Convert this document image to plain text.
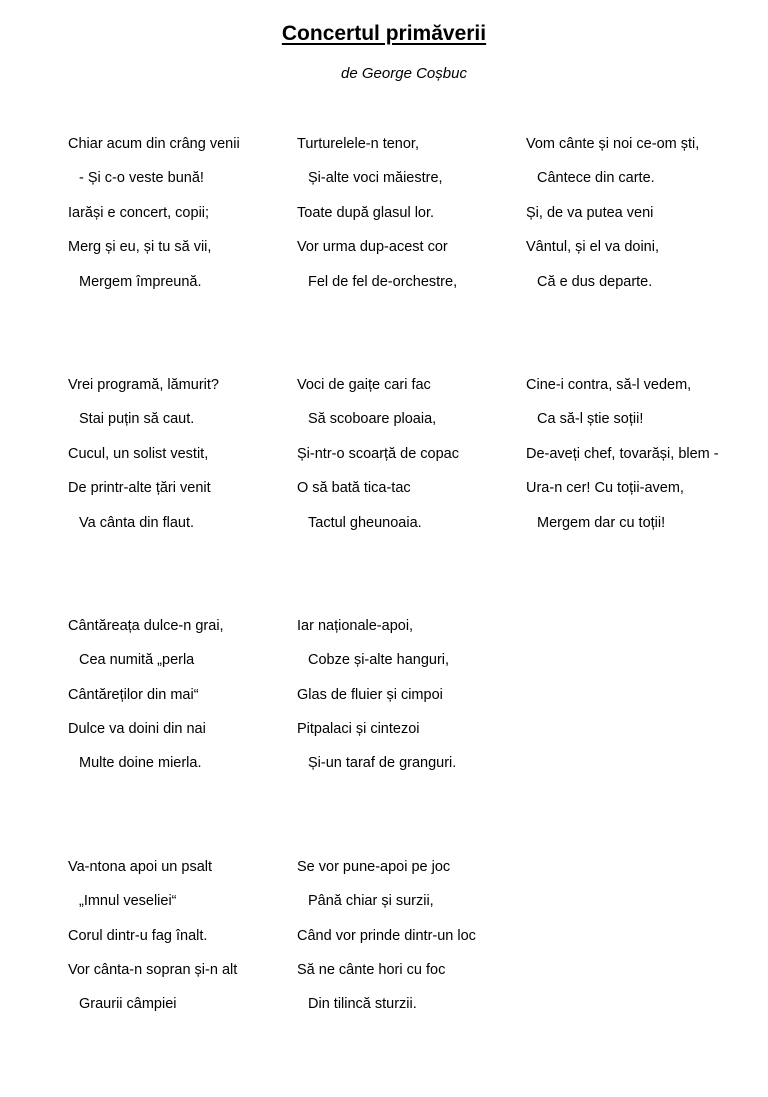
Concertul primăverii
de George Coșbuc
Chiar acum din crâng venii
- Și c-o veste bună!
Iarăși e concert, copii;
Merg și eu, și tu să vii,
Mergem împreună.
Vrei programă, lămurit?
Stai puțin să caut.
Cucul, un solist vestit,
De printr-alte țări venit
Va cânta din flaut.
Cântăreața dulce-n grai,
Cea numită „perla
Cântăreților din mai“
Dulce va doini din nai
Multe doine mierla.
Va-ntona apoi un psalt
„Imnul veseliei“
Corul dintr-u fag înalt.
Vor cânta-n sopran și-n alt
Graurii câmpiei
Turturelele-n tenor,
Și-alte voci măiestre,
Toate după glasul lor.
Vor urma dup-acest cor
Fel de fel de-orchestre,
Voci de gaițe cari fac
Să scoboare ploaia,
Și-ntr-o scoarță de copac
O să bată tica-tac
Tactul gheunoaia.
Iar naționale-apoi,
Cobze și-alte hanguri,
Glas de fluier și cimpoi
Pitpalaci și cintezoi
Și-un taraf de granguri.
Se vor pune-apoi pe joc
Până chiar și surzii,
Când vor prinde dintr-un loc
Să ne cânte hori cu foc
Din tilincă sturzii.
Vom cânte și noi ce-om ști,
Cântece din carte.
Și, de va putea veni
Vântul, și el va doini,
Că e dus departe.
Cine-i contra, să-l vedem,
Ca să-l știe soții!
De-aveți chef, tovarăși, blem -
Ura-n cer! Cu toții-avem,
Mergem dar cu toții!
